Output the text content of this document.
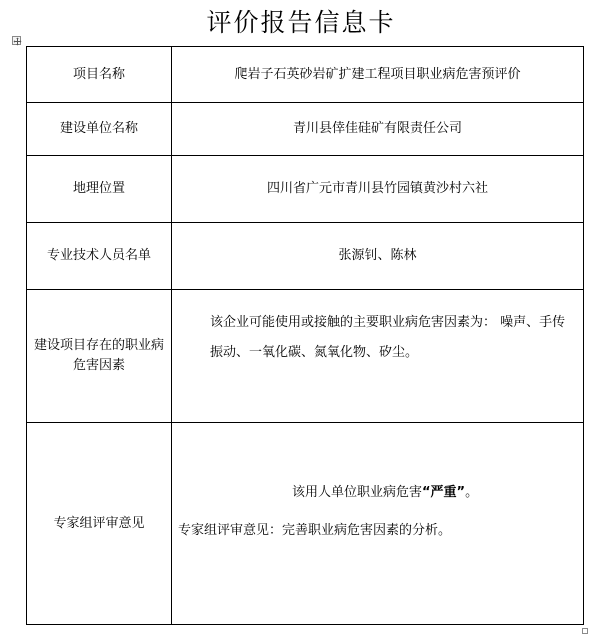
评价报告信息卡
项目名称	爬岩子石英砂岩矿扩建工程项目职业病危害预评价
建设单位名称	青川县倖佳硅矿有限责任公司
地理位置	四川省广元市青川县竹园镇黄沙村六社
专业技术人员名单	张源钊、陈林
建设项目存在的职业病危害因素	该企业可能使用或接触的主要职业病危害因素为： 噪声、手传振动、一氧化碳、氮氧化物、矽尘。

专家组评审意见	该用人单位职业病危害“严重”。
专家组评审意见：完善职业病危害因素的分析。
